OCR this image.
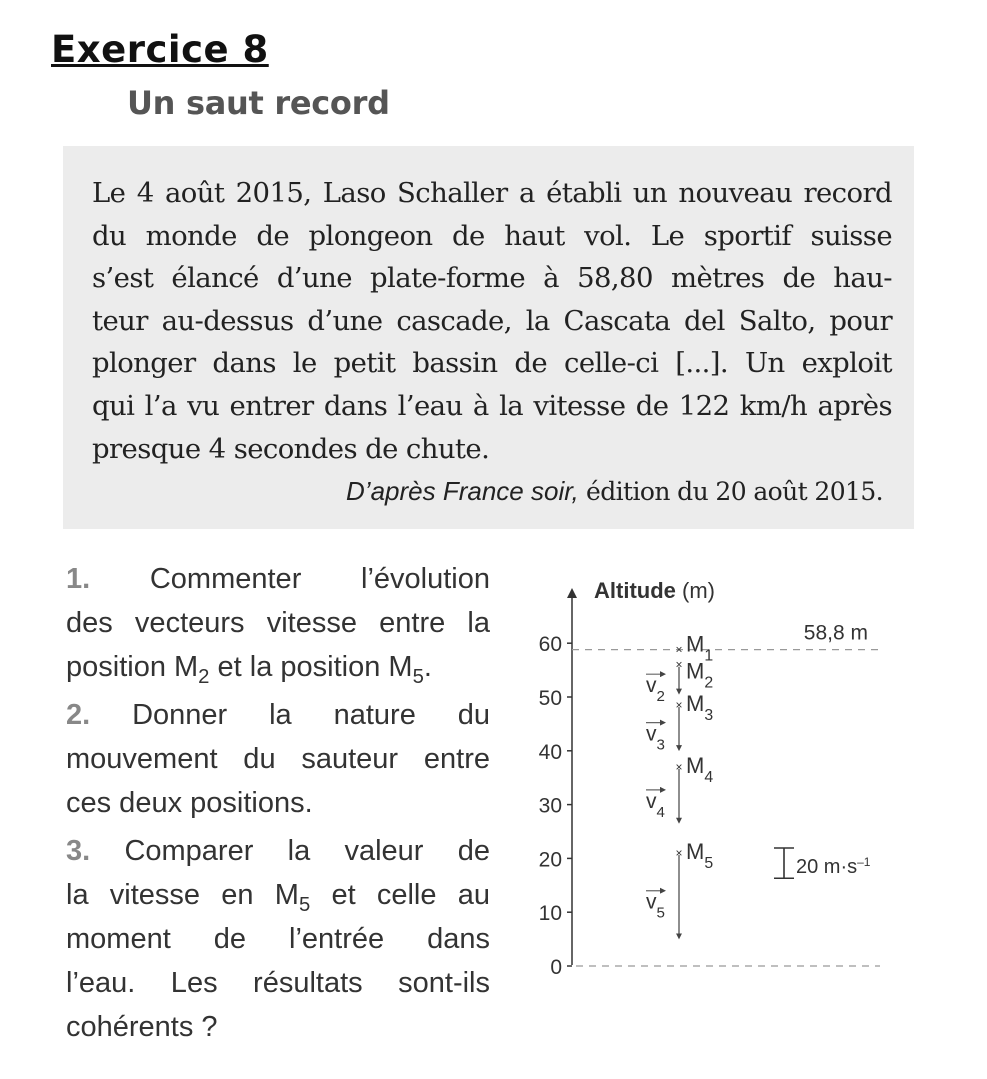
Exercice 8
Un saut record
Le 4 août 2015, Laso Schaller a établi un nouveau record
du monde de plongeon de haut vol. Le sportif suisse
s’est élancé d’une plate-forme à 58,80 mètres de hau-
teur au-dessus d’une cascade, la Cascata del Salto, pour
plonger dans le petit bassin de celle-ci [...]. Un exploit
qui l’a vu entrer dans l’eau à la vitesse de 122 km/h après
presque 4 secondes de chute.
D’après France soir, édition du 20 août 2015.
1. Commenter l’évolution
des vecteurs vitesse entre la
position $M_2$ et la position $M_5$.
2. Donner la nature du
mouvement du sauteur entre
ces deux positions.
3. Comparer la valeur de
la vitesse en $M_5$ et celle au
moment de l’entrée dans
l’eau. Les résultats sont-ils
cohérents ?
Altitude (m)
60
50
40
30
20
10
0
58,8 m
× $M_1$
× $M_2$
× $M_3$
× $M_4$
× $M_5$
$v_2$
$v_3$
$v_4$
$v_5$
20 $m\cdot s^{-1}$
